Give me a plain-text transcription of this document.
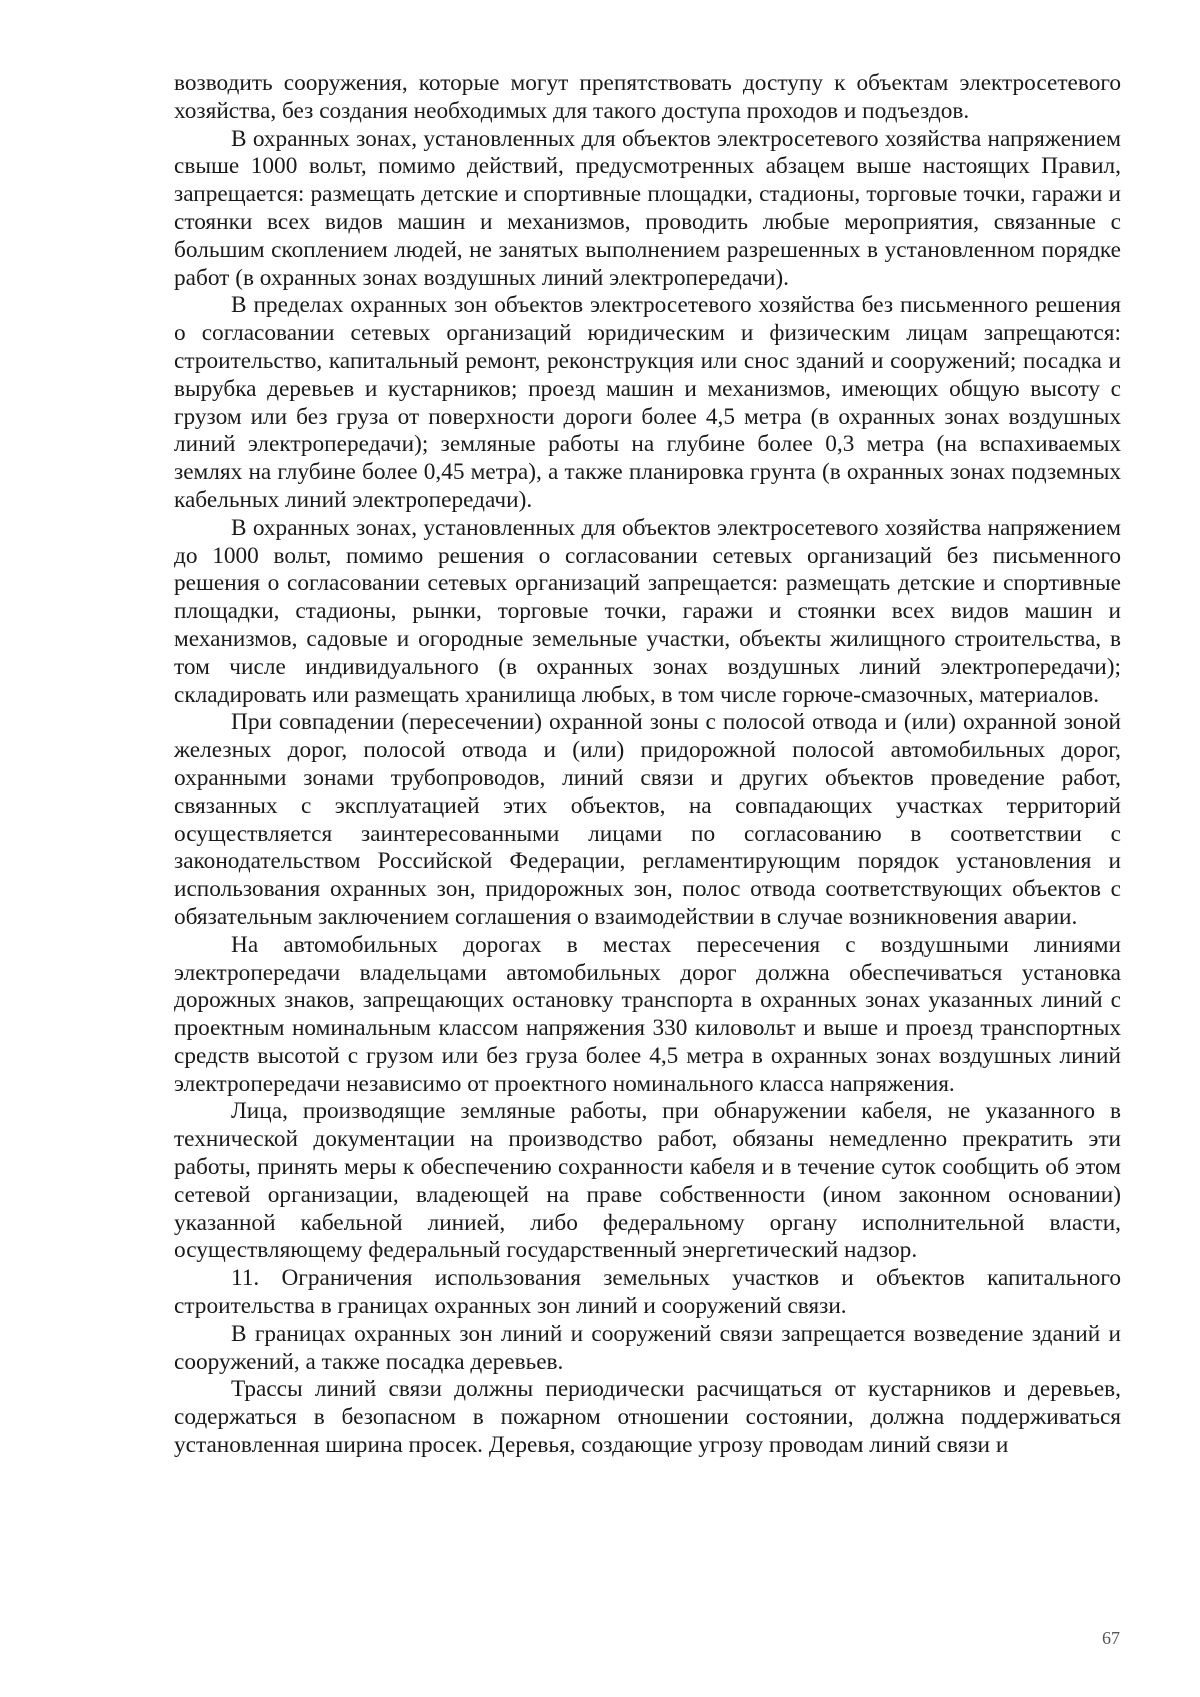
возводить сооружения, которые могут препятствовать доступу к объектам электросетевого хозяйства, без создания необходимых для такого доступа проходов и подъездов.

В охранных зонах, установленных для объектов электросетевого хозяйства напряжением свыше 1000 вольт, помимо действий, предусмотренных абзацем выше настоящих Правил, запрещается: размещать детские и спортивные площадки, стадионы, торговые точки, гаражи и стоянки всех видов машин и механизмов, проводить любые мероприятия, связанные с большим скоплением людей, не занятых выполнением разрешенных в установленном порядке работ (в охранных зонах воздушных линий электропередачи).

В пределах охранных зон объектов электросетевого хозяйства без письменного решения о согласовании сетевых организаций юридическим и физическим лицам запрещаются: строительство, капитальный ремонт, реконструкция или снос зданий и сооружений; посадка и вырубка деревьев и кустарников; проезд машин и механизмов, имеющих общую высоту с грузом или без груза от поверхности дороги более 4,5 метра (в охранных зонах воздушных линий электропередачи); земляные работы на глубине более 0,3 метра (на вспахиваемых землях на глубине более 0,45 метра), а также планировка грунта (в охранных зонах подземных кабельных линий электропередачи).

В охранных зонах, установленных для объектов электросетевого хозяйства напряжением до 1000 вольт, помимо решения о согласовании сетевых организаций без письменного решения о согласовании сетевых организаций запрещается: размещать детские и спортивные площадки, стадионы, рынки, торговые точки, гаражи и стоянки всех видов машин и механизмов, садовые и огородные земельные участки, объекты жилищного строительства, в том числе индивидуального (в охранных зонах воздушных линий электропередачи); складировать или размещать хранилища любых, в том числе горюче-смазочных, материалов.

При совпадении (пересечении) охранной зоны с полосой отвода и (или) охранной зоной железных дорог, полосой отвода и (или) придорожной полосой автомобильных дорог, охранными зонами трубопроводов, линий связи и других объектов проведение работ, связанных с эксплуатацией этих объектов, на совпадающих участках территорий осуществляется заинтересованными лицами по согласованию в соответствии с законодательством Российской Федерации, регламентирующим порядок установления и использования охранных зон, придорожных зон, полос отвода соответствующих объектов с обязательным заключением соглашения о взаимодействии в случае возникновения аварии.

На автомобильных дорогах в местах пересечения с воздушными линиями электропередачи владельцами автомобильных дорог должна обеспечиваться установка дорожных знаков, запрещающих остановку транспорта в охранных зонах указанных линий с проектным номинальным классом напряжения 330 киловольт и выше и проезд транспортных средств высотой с грузом или без груза более 4,5 метра в охранных зонах воздушных линий электропередачи независимо от проектного номинального класса напряжения.

Лица, производящие земляные работы, при обнаружении кабеля, не указанного в технической документации на производство работ, обязаны немедленно прекратить эти работы, принять меры к обеспечению сохранности кабеля и в течение суток сообщить об этом сетевой организации, владеющей на праве собственности (ином законном основании) указанной кабельной линией, либо федеральному органу исполнительной власти, осуществляющему федеральный государственный энергетический надзор.

11. Ограничения использования земельных участков и объектов капитального строительства в границах охранных зон линий и сооружений связи.

В границах охранных зон линий и сооружений связи запрещается возведение зданий и сооружений, а также посадка деревьев.

Трассы линий связи должны периодически расчищаться от кустарников и деревьев, содержаться в безопасном в пожарном отношении состоянии, должна поддерживаться установленная ширина просек. Деревья, создающие угрозу проводам линий связи и

67
